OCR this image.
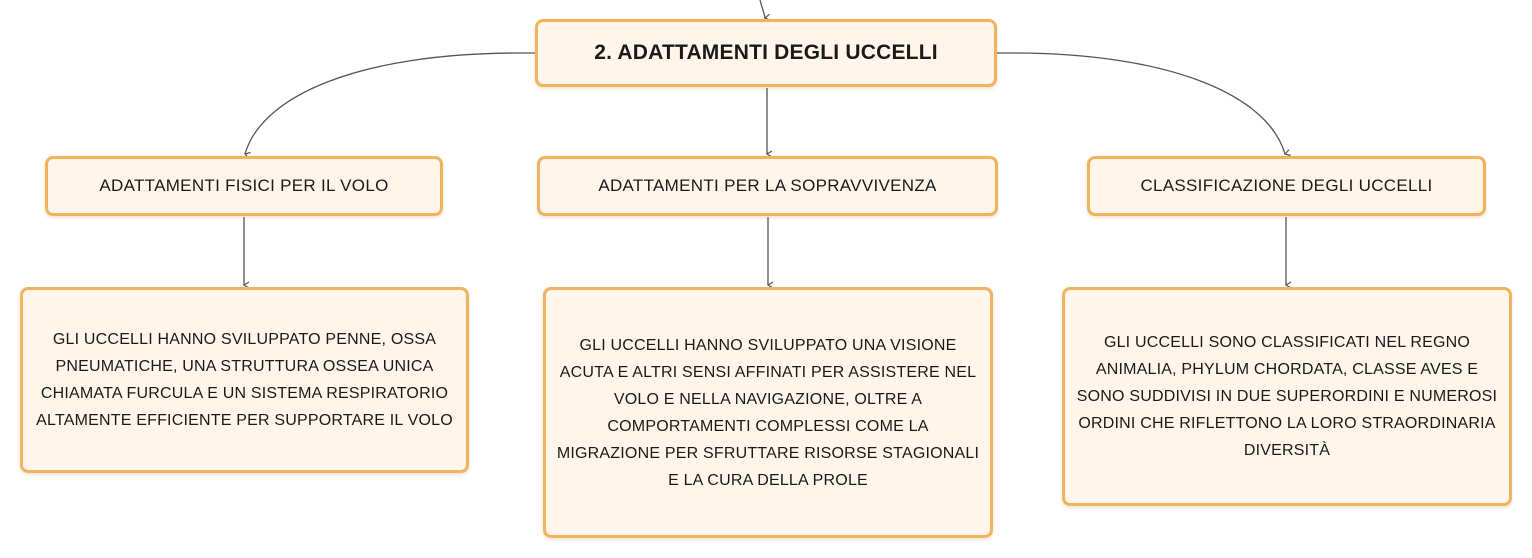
2. ADATTAMENTI DEGLI UCCELLI
ADATTAMENTI FISICI PER IL VOLO	ADATTAMENTI PER LA SOPRAVVIVENZA	CLASSIFICAZIONE DEGLI UCCELLI
GLI UCCELLI HANNO SVILUPPATO PENNE, OSSA PNEUMATICHE, UNA STRUTTURA OSSEA UNICA CHIAMATA FURCULA E UN SISTEMA RESPIRATORIO ALTAMENTE EFFICIENTE PER SUPPORTARE IL VOLO
GLI UCCELLI HANNO SVILUPPATO UNA VISIONE ACUTA E ALTRI SENSI AFFINATI PER ASSISTERE NEL VOLO E NELLA NAVIGAZIONE, OLTRE A COMPORTAMENTI COMPLESSI COME LA MIGRAZIONE PER SFRUTTARE RISORSE STAGIONALI E LA CURA DELLA PROLE
GLI UCCELLI SONO CLASSIFICATI NEL REGNO ANIMALIA, PHYLUM CHORDATA, CLASSE AVES E SONO SUDDIVISI IN DUE SUPERORDINI E NUMEROSI ORDINI CHE RIFLETTONO LA LORO STRAORDINARIA DIVERSITÀ
